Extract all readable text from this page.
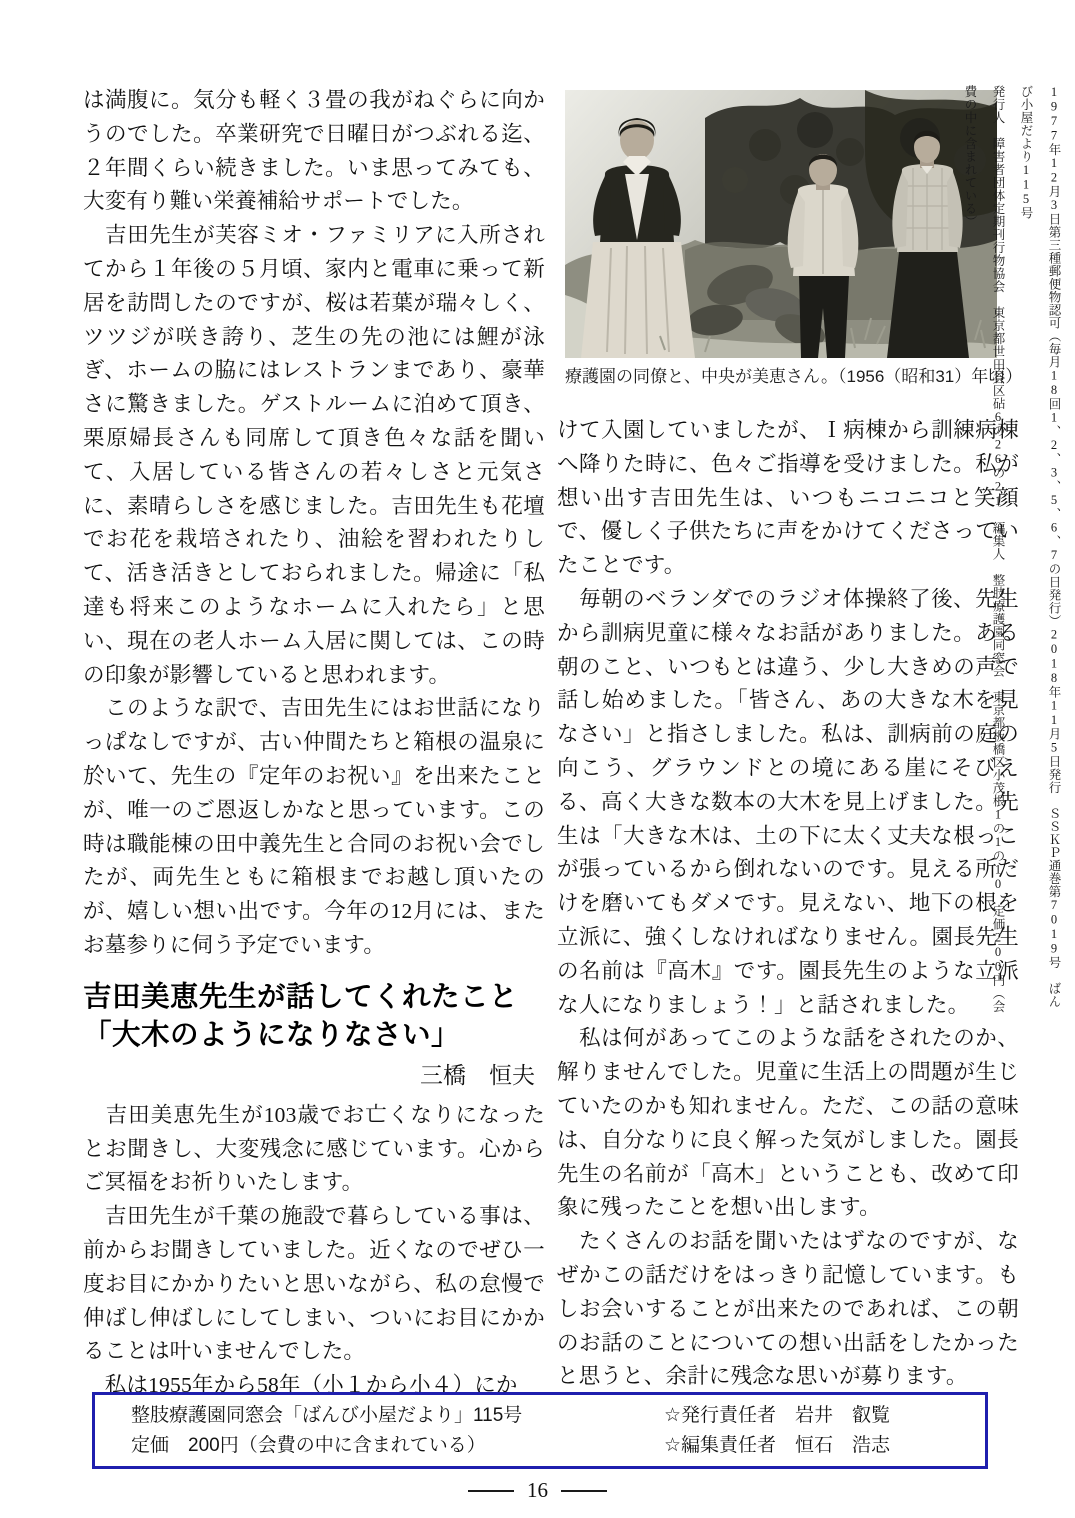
は満腹に。気分も軽く３畳の我がねぐらに向かうのでした。卒業研究で日曜日がつぶれる迄、２年間くらい続きました。いま思ってみても、大変有り難い栄養補給サポートでした。

　吉田先生が芙容ミオ・ファミリアに入所されてから１年後の５月頃、家内と電車に乗って新居を訪問したのですが、桜は若葉が瑞々しく、ツツジが咲き誇り、芝生の先の池には鯉が泳ぎ、ホームの脇にはレストランまであり、豪華さに驚きました。ゲストルームに泊めて頂き、栗原婦長さんも同席して頂き色々な話を聞いて、入居している皆さんの若々しさと元気さに、素晴らしさを感じました。吉田先生も花壇でお花を栽培されたり、油絵を習われたりして、活き活きとしておられました。帰途に「私達も将来このようなホームに入れたら」と思い、現在の老人ホーム入居に関しては、この時の印象が影響していると思われます。

　このような訳で、吉田先生にはお世話になりっぱなしですが、古い仲間たちと箱根の温泉に於いて、先生の『定年のお祝い』を出来たことが、唯一のご恩返しかなと思っています。この時は職能棟の田中義先生と合同のお祝い会でしたが、両先生ともに箱根までお越し頂いたのが、嬉しい想い出です。今年の12月には、またお墓参りに伺う予定でいます。

吉田美恵先生が話してくれたこと
「大木のようになりなさい」
三橋　恒夫

　吉田美恵先生が103歳でお亡くなりになったとお聞きし、大変残念に感じています。心からご冥福をお祈りいたします。

　吉田先生が千葉の施設で暮らしている事は、前からお聞きしていました。近くなのでぜひ一度お目にかかりたいと思いながら、私の怠慢で伸ばし伸ばしにしてしまい、ついにお目にかかることは叶いませんでした。

　私は1955年から58年（小１から小４）にか

療護園の同僚と、中央が美恵さん。（1956（昭和31）年頃）

けて入園していましたが、Ｉ病棟から訓練病棟へ降りた時に、色々ご指導を受けました。私が想い出す吉田先生は、いつもニコニコと笑顔で、優しく子供たちに声をかけてくださっていたことです。

　毎朝のベランダでのラジオ体操終了後、先生から訓病児童に様々なお話がありました。ある朝のこと、いつもとは違う、少し大きめの声で話し始めました。「皆さん、あの大きな木を見なさい」と指さしました。私は、訓病前の庭の向こう、グラウンドとの境にある崖にそびえる、高く大きな数本の大木を見上げました。先生は「大きな木は、土の下に太く丈夫な根っこが張っているから倒れないのです。見える所だけを磨いてもダメです。見えない、地下の根を立派に、強くしなければなりません。園長先生の名前は『高木』です。園長先生のような立派な人になりましょう！」と話されました。

　私は何があってこのような話をされたのか、解りませんでした。児童に生活上の問題が生じていたのかも知れません。ただ、この話の意味は、自分なりに良く解った気がしました。園長先生の名前が「高木」ということも、改めて印象に残ったことを想い出します。

　たくさんのお話を聞いたはずなのですが、なぜかこの話だけをはっきり記憶しています。もしお会いすることが出来たのであれば、この朝のお話のことについての想い出話をしたかったと思うと、余計に残念な思いが募ります。

1977年12月3日第三種郵便物認可（毎月18回1、2、3、5、6、7の日発行）2018年11月5日発行　ＳＳＫＰ通巻第7019号　ばんび小屋だより115号

発行人　障害者団体定期刊行物協会　東京都世田谷区砧6の26の21　編集人　整肢療護園同窓会　東京都板橋区小茂根1の1の10　定価200円（会費の中に含まれている）

整肢療護園同窓会「ばんび小屋だより」115号

定価　200円（会費の中に含まれている）

☆発行責任者　岩井　叡覧

☆編集責任者　恒石　浩志

16
